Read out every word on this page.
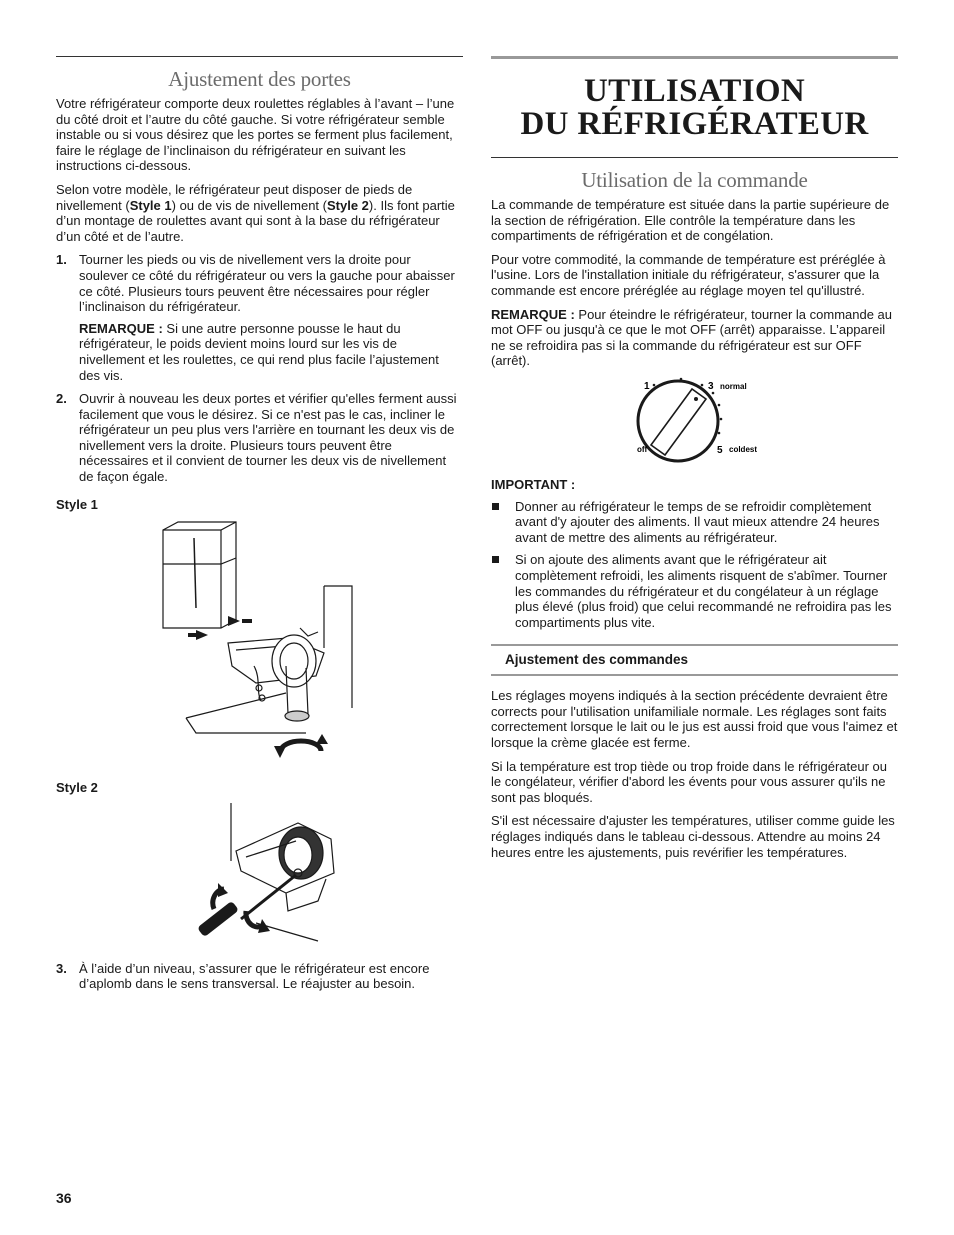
Ajustement des portes

Votre réfrigérateur comporte deux roulettes réglables à l’avant – l’une du côté droit et l’autre du côté gauche. Si votre réfrigérateur semble instable ou si vous désirez que les portes se ferment plus facilement, faire le réglage de l’inclinaison du réfrigérateur en suivant les instructions ci-dessous.

Selon votre modèle, le réfrigérateur peut disposer de pieds de nivellement (Style 1) ou de vis de nivellement (Style 2). Ils font partie d’un montage de roulettes avant qui sont à la base du réfrigérateur d’un côté et de l’autre.

1. Tourner les pieds ou vis de nivellement vers la droite pour soulever ce côté du réfrigérateur ou vers la gauche pour abaisser ce côté. Plusieurs tours peuvent être nécessaires pour régler l’inclinaison du réfrigérateur.

REMARQUE : Si une autre personne pousse le haut du réfrigérateur, le poids devient moins lourd sur les vis de nivellement et les roulettes, ce qui rend plus facile l’ajustement des vis.

2. Ouvrir à nouveau les deux portes et vérifier qu'elles ferment aussi facilement que vous le désirez. Si ce n'est pas le cas, incliner le réfrigérateur un peu plus vers l'arrière en tournant les deux vis de nivellement vers la droite. Plusieurs tours peuvent être nécessaires et il convient de tourner les deux vis de nivellement de façon égale.

Style 1
Style 2
3. À l’aide d’un niveau, s’assurer que le réfrigérateur est encore d’aplomb dans le sens transversal. Le réajuster au besoin.

UTILISATION
DU RÉFRIGÉRATEUR
Utilisation de la commande

La commande de température est située dans la partie supérieure de la section de réfrigération. Elle contrôle la température dans les compartiments de réfrigération et de congélation.

Pour votre commodité, la commande de température est préréglée à l'usine. Lors de l'installation initiale du réfrigérateur, s'assurer que la commande est encore préréglée au réglage moyen tel qu'illustré.

REMARQUE : Pour éteindre le réfrigérateur, tourner la commande au mot OFF ou jusqu'à ce que le mot OFF (arrêt) apparaisse. L’appareil ne se refroidira pas si la commande du réfrigérateur est sur OFF (arrêt).

1	3 normal
off	5 coldest

IMPORTANT :

Donner au réfrigérateur le temps de se refroidir complètement avant d'y ajouter des aliments. Il vaut mieux attendre 24 heures avant de mettre des aliments au réfrigérateur.
Si on ajoute des aliments avant que le réfrigérateur ait complètement refroidi, les aliments risquent de s'abîmer. Tourner les commandes du réfrigérateur et du congélateur à un réglage plus élevé (plus froid) que celui recommandé ne refroidira pas les compartiments plus vite.
Ajustement des commandes

Les réglages moyens indiqués à la section précédente devraient être corrects pour l'utilisation unifamiliale normale. Les réglages sont faits correctement lorsque le lait ou le jus est aussi froid que vous l'aimez et lorsque la crème glacée est ferme.

Si la température est trop tiède ou trop froide dans le réfrigérateur ou le congélateur, vérifier d'abord les évents pour vous assurer qu'ils ne sont pas bloqués.

S'il est nécessaire d'ajuster les températures, utiliser comme guide les réglages indiqués dans le tableau ci-dessous. Attendre au moins 24 heures entre les ajustements, puis revérifier les températures.

36
